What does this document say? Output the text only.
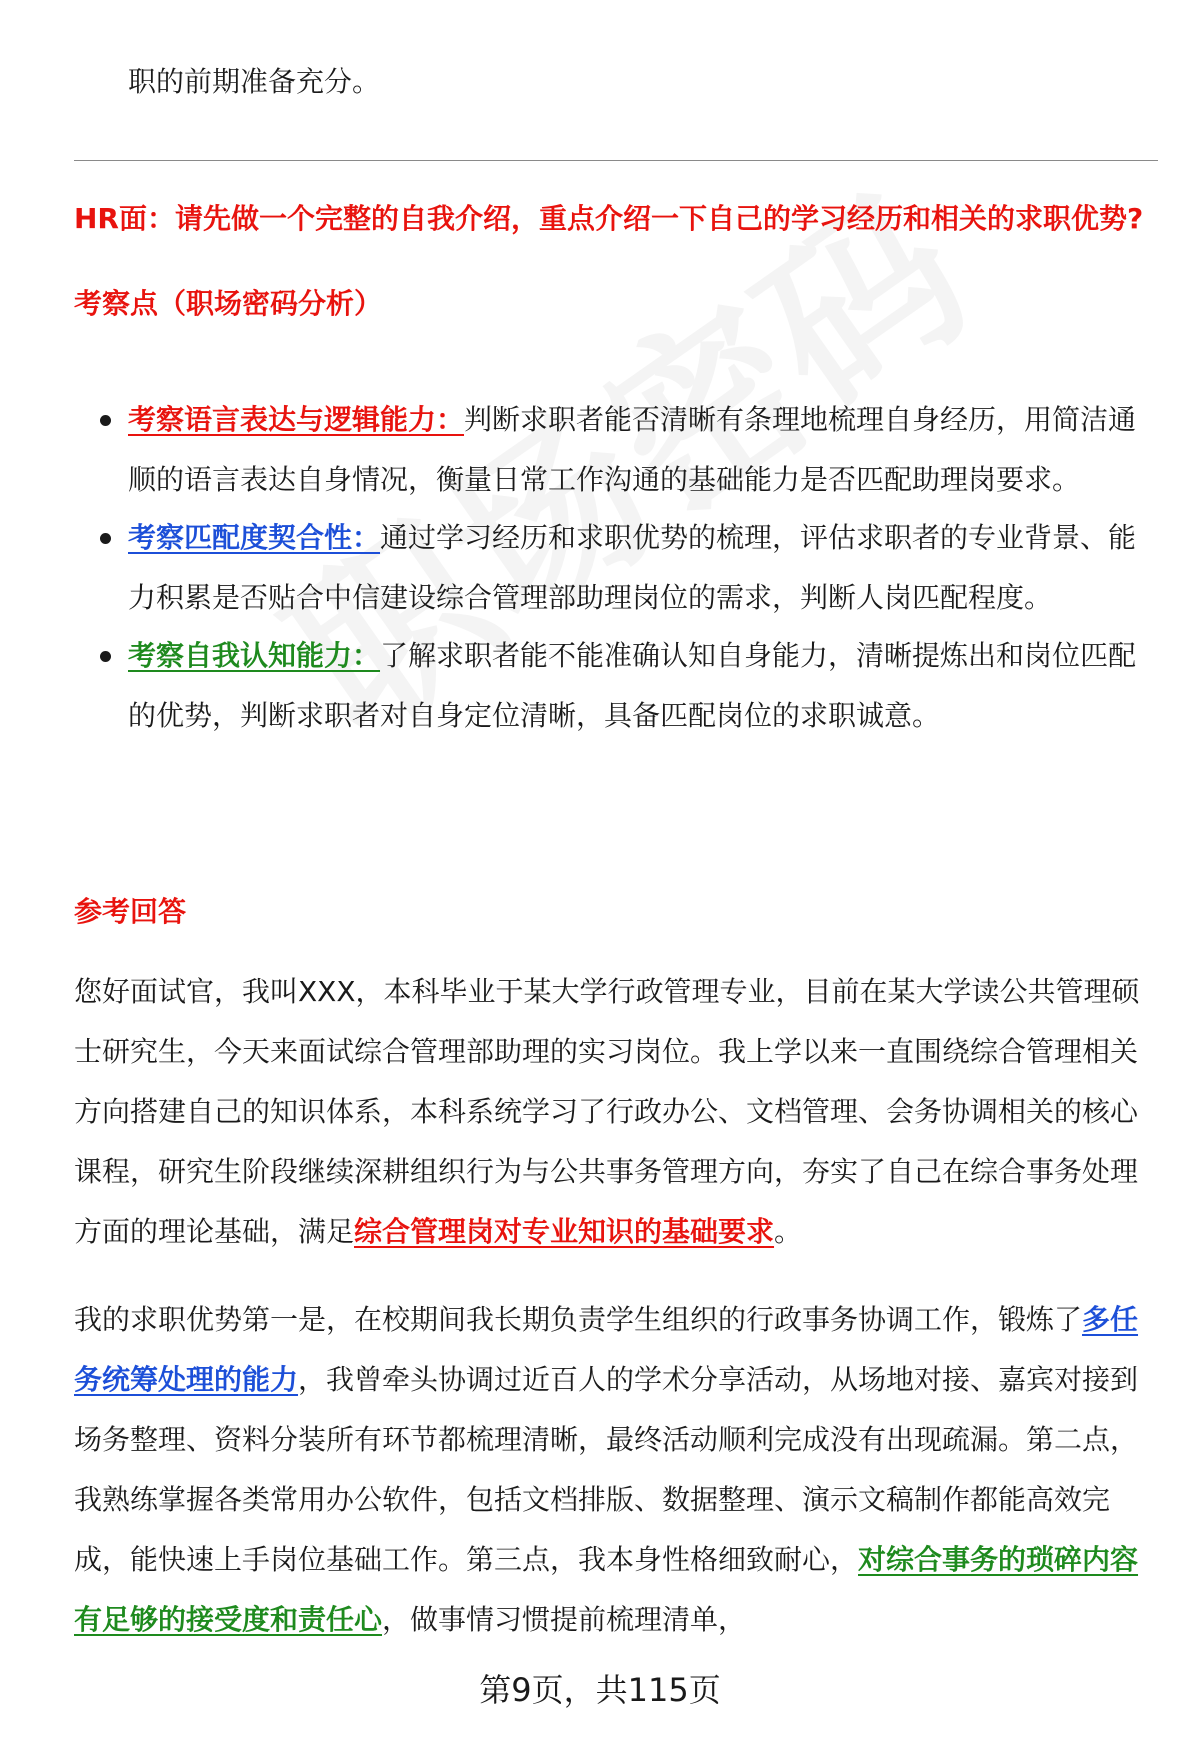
职的前期准备充分。
HR面：请先做一个完整的自我介绍，重点介绍一下自己的学习经历和相关的求职优势?
考察点（职场密码分析）
考察语言表达与逻辑能力：判断求职者能否清晰有条理地梳理自身经历，用简洁通顺的语言表达自身情况，衡量日常工作沟通的基础能力是否匹配助理岗要求。
考察匹配度契合性：通过学习经历和求职优势的梳理，评估求职者的专业背景、能力积累是否贴合中信建设综合管理部助理岗位的需求，判断人岗匹配程度。
考察自我认知能力：了解求职者能不能准确认知自身能力，清晰提炼出和岗位匹配的优势，判断求职者对自身定位清晰，具备匹配岗位的求职诚意。
参考回答

您好面试官，我叫XXX，本科毕业于某大学行政管理专业，目前在某大学读公共管理硕士研究生，今天来面试综合管理部助理的实习岗位。我上学以来一直围绕综合管理相关方向搭建自己的知识体系，本科系统学习了行政办公、文档管理、会务协调相关的核心课程，研究生阶段继续深耕组织行为与公共事务管理方向，夯实了自己在综合事务处理方面的理论基础，满足综合管理岗对专业知识的基础要求。

我的求职优势第一是，在校期间我长期负责学生组织的行政事务协调工作，锻炼了多任务统筹处理的能力，我曾牵头协调过近百人的学术分享活动，从场地对接、嘉宾对接到场务整理、资料分装所有环节都梳理清晰，最终活动顺利完成没有出现疏漏。第二点，我熟练掌握各类常用办公软件，包括文档排版、数据整理、演示文稿制作都能高效完成，能快速上手岗位基础工作。第三点，我本身性格细致耐心，对综合事务的琐碎内容有足够的接受度和责任心，做事情习惯提前梳理清单，

第9页，共115页
